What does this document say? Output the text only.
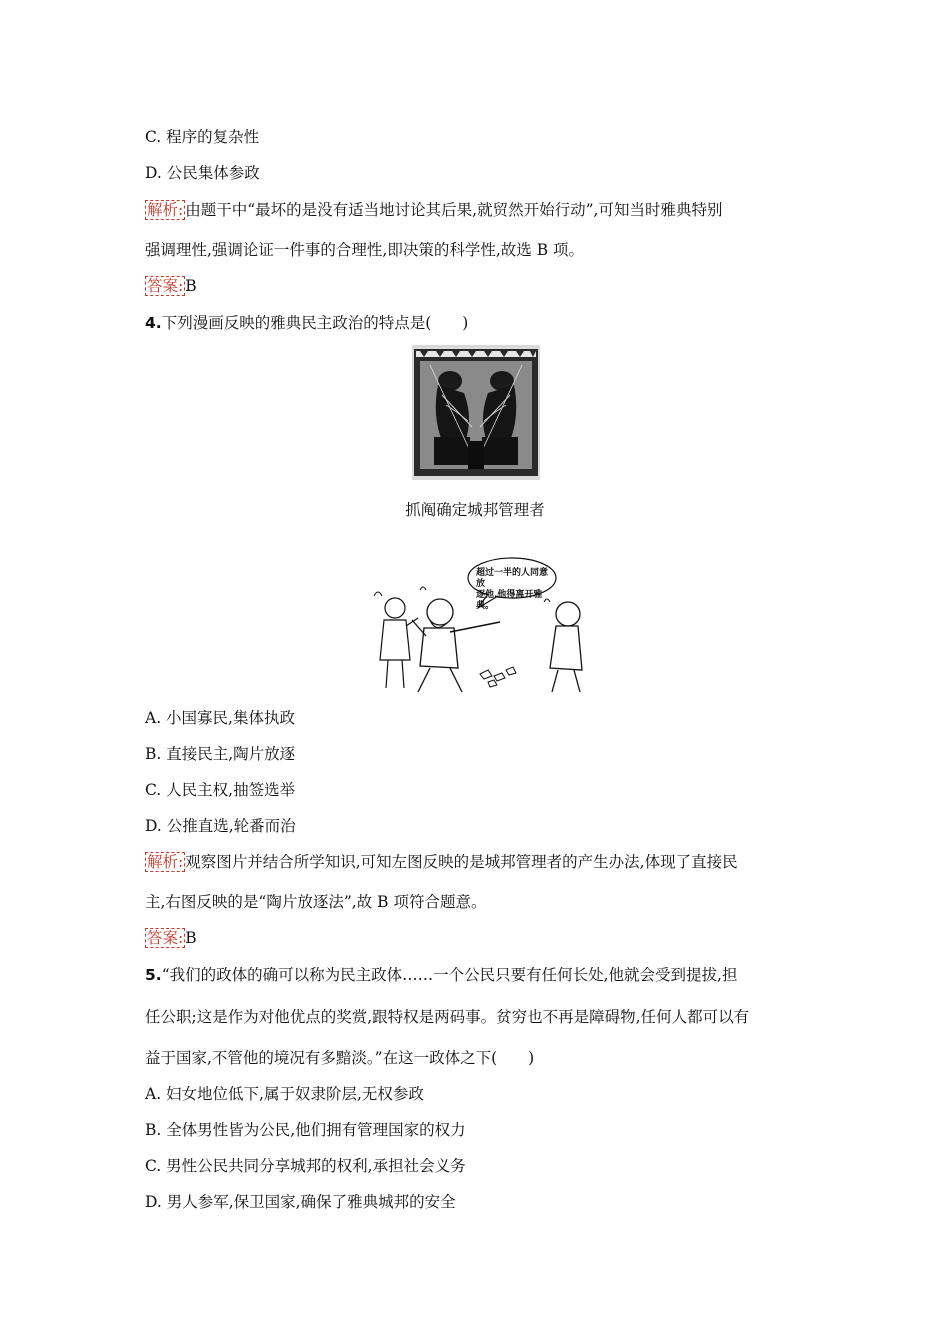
C. 程序的复杂性
D. 公民集体参政
解析: 由题干中“最坏的是没有适当地讨论其后果,就贸然开始行动”,可知当时雅典特别
强调理性,强调论证一件事的合理性,即决策的科学性,故选 B 项。
答案: B
4.下列漫画反映的雅典民主政治的特点是(　　)
抓阄确定城邦管理者
超过一半的人同意放
逐他,他得离开雅典。
A. 小国寡民,集体执政
B. 直接民主,陶片放逐
C. 人民主权,抽签选举
D. 公推直选,轮番而治
解析: 观察图片并结合所学知识,可知左图反映的是城邦管理者的产生办法,体现了直接民
主,右图反映的是“陶片放逐法”,故 B 项符合题意。
答案: B
5.“我们的政体的确可以称为民主政体……一个公民只要有任何长处,他就会受到提拔,担
任公职;这是作为对他优点的奖赏,跟特权是两码事。贫穷也不再是障碍物,任何人都可以有
益于国家,不管他的境况有多黯淡。”在这一政体之下(　　)
A. 妇女地位低下,属于奴隶阶层,无权参政
B. 全体男性皆为公民,他们拥有管理国家的权力
C. 男性公民共同分享城邦的权利,承担社会义务
D. 男人参军,保卫国家,确保了雅典城邦的安全
